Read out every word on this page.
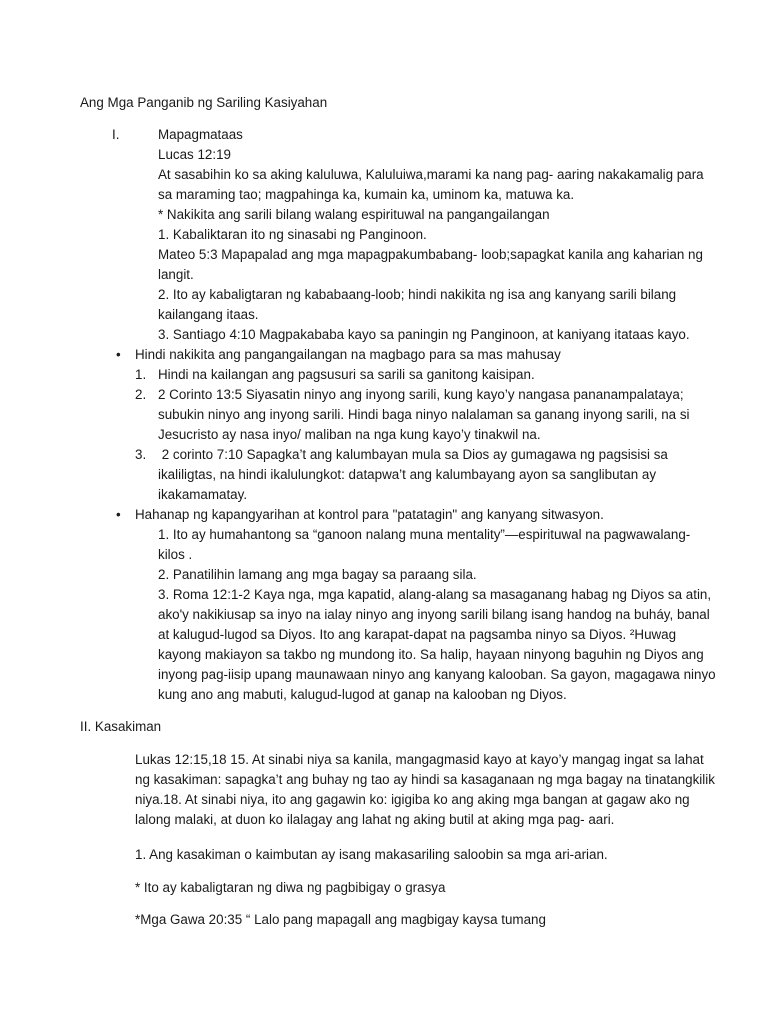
Ang Mga Panganib ng Sariling Kasiyahan
I.	Mapagmataas
Lucas 12:19
At sasabihin ko sa aking kaluluwa, Kaluluiwa,marami ka nang pag- aaring nakakamalig para
sa maraming tao; magpahinga ka, kumain ka, uminom ka, matuwa ka.
* Nakikita ang sarili bilang walang espirituwal na pangangailangan
1. Kabaliktaran ito ng sinasabi ng Panginoon.
Mateo 5:3 Mapapalad ang mga mapagpakumbabang- loob;sapagkat kanila ang kaharian ng
langit.
2. Ito ay kabaligtaran ng kababaang-loob; hindi nakikita ng isa ang kanyang sarili bilang
kailangang itaas.
3. Santiago 4:10 Magpakababa kayo sa paningin ng Panginoon, at kaniyang itataas kayo.
• Hindi nakikita ang pangangailangan na magbago para sa mas mahusay
1. Hindi na kailangan ang pagsusuri sa sarili sa ganitong kaisipan.
2. 2 Corinto 13:5 Siyasatin ninyo ang inyong sarili, kung kayo’y nangasa pananampalataya;
subukin ninyo ang inyong sarili. Hindi baga ninyo nalalaman sa ganang inyong sarili, na si
Jesucristo ay nasa inyo/ maliban na nga kung kayo’y tinakwil na.
3. 2 corinto 7:10 Sapagka’t ang kalumbayan mula sa Dios ay gumagawa ng pagsisisi sa
ikaliligtas, na hindi ikalulungkot: datapwa’t ang kalumbayang ayon sa sanglibutan ay
ikakamamatay.
• Hahanap ng kapangyarihan at kontrol para "patatagin" ang kanyang sitwasyon.
1. Ito ay humahantong sa “ganoon nalang muna mentality”—espirituwal na pagwawalang-
kilos .
2. Panatilihin lamang ang mga bagay sa paraang sila.
3. Roma 12:1-2 Kaya nga, mga kapatid, alang-alang sa masaganang habag ng Diyos sa atin,
ako'y nakikiusap sa inyo na ialay ninyo ang inyong sarili bilang isang handog na buháy, banal
at kalugud-lugod sa Diyos. Ito ang karapat-dapat na pagsamba ninyo sa Diyos. ²Huwag
kayong makiayon sa takbo ng mundong ito. Sa halip, hayaan ninyong baguhin ng Diyos ang
inyong pag-iisip upang maunawaan ninyo ang kanyang kalooban. Sa gayon, magagawa ninyo
kung ano ang mabuti, kalugud-lugod at ganap na kalooban ng Diyos.
II. Kasakiman
Lukas 12:15,18 15. At sinabi niya sa kanila, mangagmasid kayo at kayo’y mangag ingat sa lahat
ng kasakiman: sapagka’t ang buhay ng tao ay hindi sa kasaganaan ng mga bagay na tinatangkilik
niya.18. At sinabi niya, ito ang gagawin ko: igigiba ko ang aking mga bangan at gagaw ako ng
lalong malaki, at duon ko ilalagay ang lahat ng aking butil at aking mga pag- aari.
1. Ang kasakiman o kaimbutan ay isang makasariling saloobin sa mga ari-arian.
* Ito ay kabaligtaran ng diwa ng pagbibigay o grasya
*Mga Gawa 20:35 “ Lalo pang mapagall ang magbigay kaysa tumang
